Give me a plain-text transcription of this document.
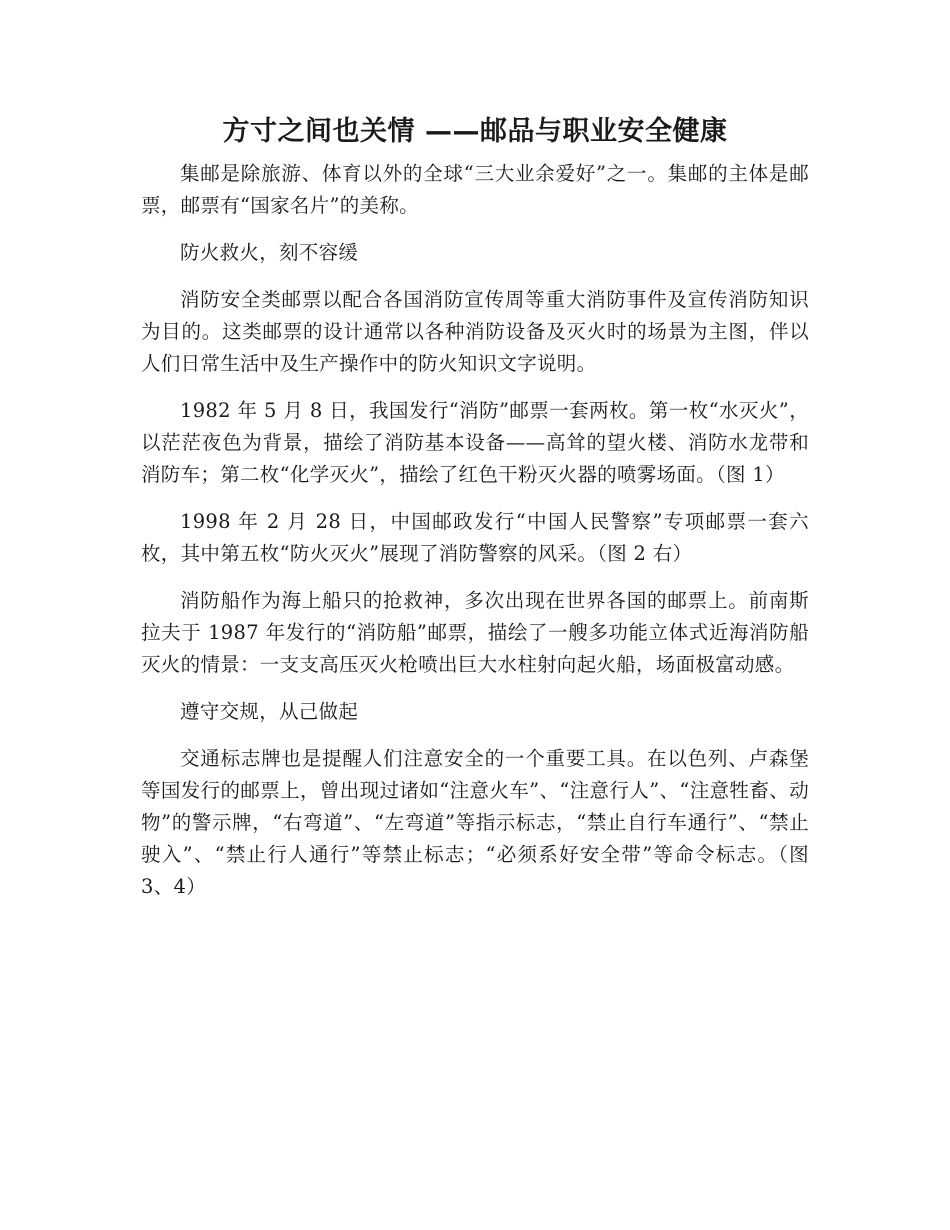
方寸之间也关情 ——邮品与职业安全健康

集邮是除旅游、体育以外的全球“三大业余爱好”之一。集邮的主体是邮票，邮票有“国家名片”的美称。

防火救火，刻不容缓

消防安全类邮票以配合各国消防宣传周等重大消防事件及宣传消防知识为目的。这类邮票的设计通常以各种消防设备及灭火时的场景为主图，伴以人们日常生活中及生产操作中的防火知识文字说明。

1982 年 5 月 8 日，我国发行“消防”邮票一套两枚。第一枚“水灭火”，以茫茫夜色为背景，描绘了消防基本设备——高耸的望火楼、消防水龙带和消防车；第二枚“化学灭火”，描绘了红色干粉灭火器的喷雾场面。（图 1）

1998 年 2 月 28 日，中国邮政发行“中国人民警察”专项邮票一套六枚，其中第五枚“防火灭火”展现了消防警察的风采。（图 2 右）

消防船作为海上船只的抢救神，多次出现在世界各国的邮票上。前南斯拉夫于 1987 年发行的“消防船”邮票，描绘了一艘多功能立体式近海消防船灭火的情景：一支支高压灭火枪喷出巨大水柱射向起火船，场面极富动感。

遵守交规，从己做起

交通标志牌也是提醒人们注意安全的一个重要工具。在以色列、卢森堡等国发行的邮票上，曾出现过诸如“注意火车”、“注意行人”、“注意牲畜、动物”的警示牌，“右弯道”、“左弯道”等指示标志，“禁止自行车通行”、“禁止驶入”、“禁止行人通行”等禁止标志；“必须系好安全带”等命令标志。（图3、4）
